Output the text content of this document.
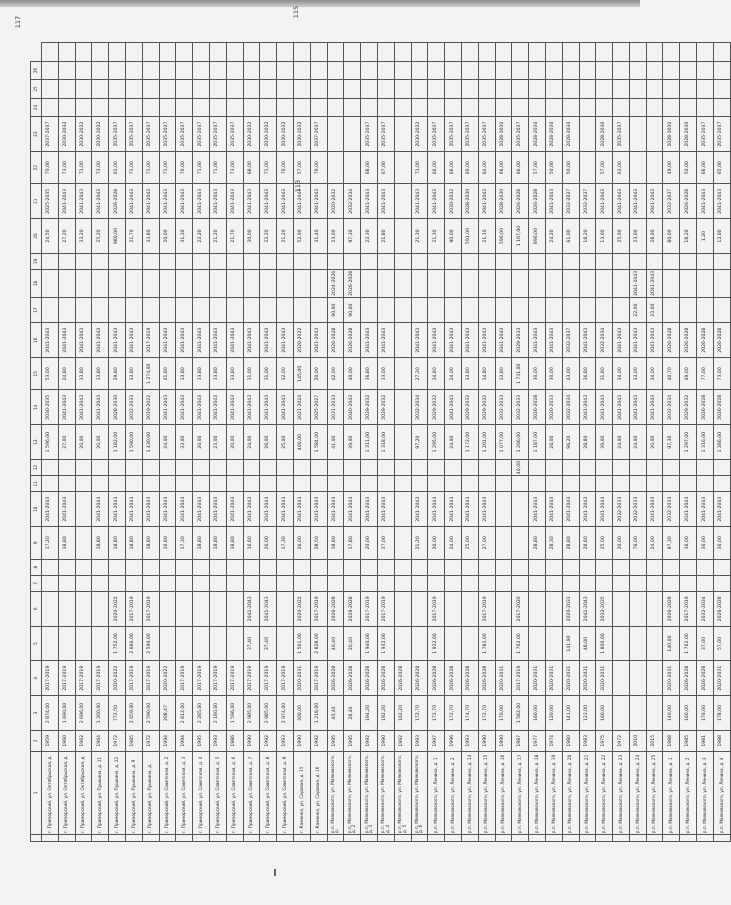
117
113
115
	1	2	3	4	5	6	7	8	9	10	11	12	13	14	15	16	17	18	19	20	21	22	23	24	25	26	
	г. Приморский, ул. Октябрьская, д.	1959	2 874,00	2017-2019					17,20	2041-2043			1 596,00	2030-2035	53,00	2041-2043				24,50	2025-2035	70,00	2037-2037				
	г. Приморский, ул. Октябрьская, д.	1960	1 690,00	2017-2019					18,80	2041-2043			27,00	2041-2043	24,80	2041-2043				27,20	2041-2043	73,00	2030-2032				
	г. Приморский, ул. Октябрьская, д.	1962	2 696,00	2017-2019									20,00	2041-2043	33,80	2041-2043				33,20	2041-2043	71,00	2030-2032				
	г. Приморский, ул. Пушкина, д. 11	1964	1 300,00	2017-2019					18,80	2041-2043			20,00	2041-2043	33,80	2041-2043				25,20	2041-2043	73,00	2030-2032				
	г. Приморский, ул. Пушкина, д. 22	1972	772,50	2020-2022	1 752,00	2020-2022			18,80	2041-2043			1 182,00	2028-2030	29,80	2041-2043				980,00	2026-2028	61,00	2035-2037				
	г. Приморский, ул. Пушкина, д. 9	1985	2 659,00	2017-2019	2 686,00	2017-2019			18,80	2041-2043			1 590,00	2032-2033	33,80	2041-2043				21,70	2041-2043	71,00	2035-2037				
	г. Приморский, ул. Пушкина, д.	1972	2 590,00	2017-2019	2 590,00	2017-2019			18,80	2041-2043			1 430,00	2019-2022	1 274,00	2017-2019				33,80	2041-2043	71,00	2035-2037				
	г. Приморский, ул. Советская, д. 2	1994	208,47	2020-2022					16,80	2041-2043			24,00	2041-2043	41,80	2041-2043				20,00	2041-2043	71,00	2035-2037				
	г. Приморский, ул. Советская, д. 3	1994	2 812,00	2017-2019					17,30	2041-2043			33,00	2041-2043	33,80	2041-2043				31,30	2041-2043	70,00	2035-2037				
	г. Приморский, ул. Советская, д. 4	1995	2 285,00	2017-2019					18,80	2041-2043			20,00	2041-2043	33,80	2041-2043				22,20	2041-2043	71,00	2035-2037				
	г. Приморский, ул. Советская, д. 5	1993	2 180,00	2017-2019					18,80	2041-2043			23,00	2041-2043	33,80	2041-2043				21,20	2041-2043	71,00	2035-2037				
	г. Приморский, ул. Советская, д. 6	1986	1 596,00	2017-2019					18,80	2041-2043			20,00	2041-2043	33,80	2041-2043				21,70	2041-2043	73,00	2035-2037				
	г. Приморский, ул. Советская, д. 7	1990	2 985,00	2017-2019	37,40	2041-2043			16,80	2041-2043			24,00	2041-2043	31,00	2041-2043				30,00	2041-2043	68,00	2030-2032				
	г. Приморский, ул. Советская, д. 8	1992	2 985,00	2017-2019	37,40	2041-2043			26,00	2041-2043			26,00	2041-2043	31,00	2041-2043				22,20	2041-2043	71,00	2030-2032				
	г. Приморский, ул. Советская, д. 9	1993	2 974,00	2017-2019					17,30	2041-2043			25,00	2041-2043	32,00	2041-2043				21,20	2041-2043	70,00	2030-2032				
	г. Каменка, ул. Садовая, д. 15	1990	300,00	2020-2031	1 561,00	2020-2022			26,00	2041-2043			400,00	2021-2024	145,00	2020-2022				52,00	2041-2043	57,00	2030-2032				
	г. Каменка, ул. Садовая, д. 16	1992	1 218,00	2017-2019	2 828,00	2017-2019			28,50	2041-2043			1 584,00	2025-2027	20,00	2041-2043				31,40	2041-2043	70,00	2037-2037				
	р.п. Маяковского, ул. Маяковского, д.	1995	40,40	2026-2028	40,40	2026-2028			18,80	2041-2043			41,00	2031-2033	42,00	2026-2028	90,00	2024-2026		23,00	2020-2032						
	р.п. Маяковского, ул. Маяковского, д. 2	1995	28,40	2026-2028	20,40	2026-2028			17,80	2041-2043			39,00	2040-2043	40,00	2026-2028	90,00	2026-2028		97,30	2032-2034						
	р.п. Маяковского, ул. Маяковского, д. 3	1992	194,20	2026-2028	1 940,00	2017-2019			20,00	2041-2043			1 311,00	2029-2032	36,80	2041-2043				22,30	2041-2043	68,00	2035-2037				
	р.п. Маяковского, ул. Маяковского, д. 4	1990	192,20	2026-2028	1 932,00	2017-2019			37,00	2041-2043			1 318,00	2029-2032	33,00	2041-2043				21,80	2041-2043	67,00	2035-2037				
	р.п. Маяковского, ул. Маяковского, д. 5	1992	162,20	2026-2028																							
	р.п. Маяковского, ул. Маяковского, д. 6	1993	172,70	2026-2028					21,20	2041-2043			97,20	2032-2034	27,30	2041-2043				21,30	2041-2043	71,00	2030-2032				
	р.п. Маяковского, ул. Ленина, д. 1	1997	172,70	2026-2028	1 932,00	2017-2019			20,00	2041-2043			1 295,00	2029-2032	34,80	2041-2043				21,30	2041-2043	66,00	2035-2037				
	р.п. Маяковского, ул. Ленина, д. 2	1996	172,70	2026-2028					24,00	2041-2043			24,00	2041-2043	24,00	2041-2043				90,00	2030-2032	66,00	2035-2037				
	р.п. Маяковского, ул. Ленина, д. 14	1993	174,70	2026-2028					25,00	2041-2043			1 172,00	2029-2032	33,80	2041-2043				591,00	2028-2030	60,00	2035-2037				
	р.п. Маяковского, ул. Ленина, д. 15	1990	172,70	2026-2028	1 782,00	2017-2019			27,00	2041-2043			1 201,00	2029-2032	14,80	2041-2043				21,10	2041-2043	64,00	2035-2037				
	р.п. Маяковского, ул. Ленина, д. 16	1990	170,00	2020-2031									1 077,00	2032-2033	33,80	2041-2043				590,00	2028-2030	66,00	2028-2030				
	р.п. Маяковского, ул. Ленина, д. 17	1987	1 582,00	2017-2019	1 702,00	2017-2020						40,00	1 206,00	2032-2033	1 731,00	2029-2033				1 197,00	2026-2028	66,00	2035-2037				
	р.п. Маяковского, ул. Ленина, д. 18	1977	160,00	2020-2031					28,80	2041-2043			1 187,00	2026-2028	30,00	2041-2043				890,00	2026-2028	57,00	2028-2030				
	р.п. Маяковского, ул. Ленина, д. 19	1974	120,00	2020-2031					28,30	2041-2043			26,00	2020-2033	30,00	2041-2043				24,20	2041-2043	50,00	2028-2030				
	р.п. Маяковского, ул. Ленина, д. 20	1980	141,00	2020-2031	141,90	2020-2031			28,80	2041-2043			96,20	2032-2034	43,00	2032-2037				61,00	2032-2037	50,00	2028-2030				
	р.п. Маяковского, ул. Ленина, д. 21	1983	123,00	2020-2031	48,00	2041-2043			28,80	2041-2043			28,80	2041-2043	36,80	2041-2043				18,20	2032-2037						
	р.п. Маяковского, ул. Ленина, д. 22	1975	160,00	2020-2031	1 800,00	2032-2035			25,00	2041-2043			39,00	2041-2043	31,80	2032-2034				13,00	2041-2043	57,00	2028-2030				
	р.п. Маяковского, ул. Ленина, д. 23	1972							20,00	2032-2033			24,00	2041-2043	34,00	2041-2043				25,00	2041-2043	63,00	2035-2037				
	р.п. Маяковского, ул. Ленина, д. 24	2010							76,00	2032-2033			24,00	2041-2043	33,00	2041-2043	22,00	2041-2043		23,00	2041-2043						
	р.п. Маяковского, ул. Ленина, д. 25	2015							24,00	2041-2043			20,00	2041-2043	34,00	2041-2043	23,00	2041-2043		28,00	2041-2043						
	р.п. Маяковского, ул. Ленина, д. 1	1988	140,00	2020-2031	140,00	2026-2028			97,30	2032-2033			97,30	2032-2034	40,70	2026-2028				80,00	2032-2037	49,00	2028-2030				
	р.п. Маяковского, ул. Ленина, д. 2	1985	160,00	2026-2028	1 762,00	2017-2019			36,00	2041-2043			1 297,00	2029-2032	49,00	2026-2028				18,20	2026-2028	50,00	2028-2030				
	р.п. Маяковского, ул. Ленина, д. 3	1981	176,00	2026-2028	37,00	2032-2034			36,00	2041-2043			1 316,00	2026-2028	77,00	2026-2028				1,20	2041-2043	66,00	2035-2037				
	р.п. Маяковского, ул. Ленина, д. 4	1988	178,00	2020-2031	57,00	2026-2028			36,00	2041-2043			1 286,00	2026-2028	73,00	2026-2028				12,00	2041-2043	65,00	2035-2037				
